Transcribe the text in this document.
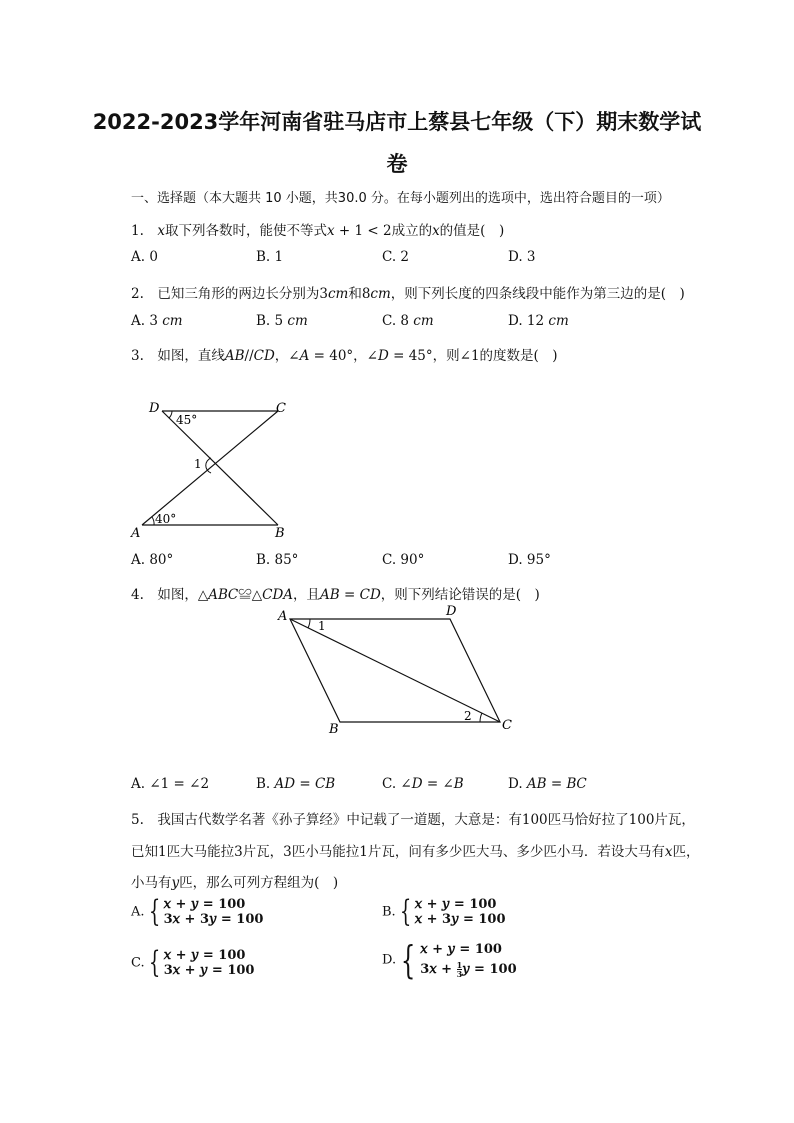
2022-2023学年河南省驻马店市上蔡县七年级（下）期末数学试
卷
一、选择题（本大题共 10 小题，共30.0 分。在每小题列出的选项中，选出符合题目的一项）
1.　𝑥取下列各数时，能使不等式𝑥 + 1 < 2成立的𝑥的值是(　)
A. 0	B. 1	C. 2	D. 3
2.　已知三角形的两边长分别为3𝑐𝑚和8𝑐𝑚，则下列长度的四条线段中能作为第三边的是(　)
A. 3 𝑐𝑚	B. 5 𝑐𝑚	C. 8 𝑐𝑚	D. 12 𝑐𝑚
3.　如图，直线𝐴𝐵//𝐶𝐷，∠𝐴 = 40°，∠𝐷 = 45°，则∠1的度数是(　)
D	C
A	B
45°
40°
1
A. 80°	B. 85°	C. 90°	D. 95°
4.　如图，△𝐴𝐵𝐶≌△𝐶𝐷𝐴，且𝐴𝐵 = 𝐶𝐷，则下列结论错误的是(　)
A	D
B	C
1
2
A. ∠1 = ∠2	B. 𝐴𝐷 = 𝐶𝐵	C. ∠𝐷 = ∠𝐵	D. 𝐴𝐵 = 𝐵𝐶
5.　我国古代数学名著《孙子算经》中记载了一道题，大意是：有100匹马恰好拉了100片瓦，
已知1匹大马能拉3片瓦，3匹小马能拉1片瓦，问有多少匹大马、多少匹小马．若设大马有𝑥匹，
小马有𝑦匹，那么可列方程组为(　)
A. { 𝑥 + 𝑦 = 100
3𝑥 + 3𝑦 = 100	B. { 𝑥 + 𝑦 = 100
𝑥 + 3𝑦 = 100
C. { 𝑥 + 𝑦 = 100
3𝑥 + 𝑦 = 100
D. { 𝑥 + 𝑦 = 100
3𝑥 + $\frac{1}{3}$ 𝑦 = 100
